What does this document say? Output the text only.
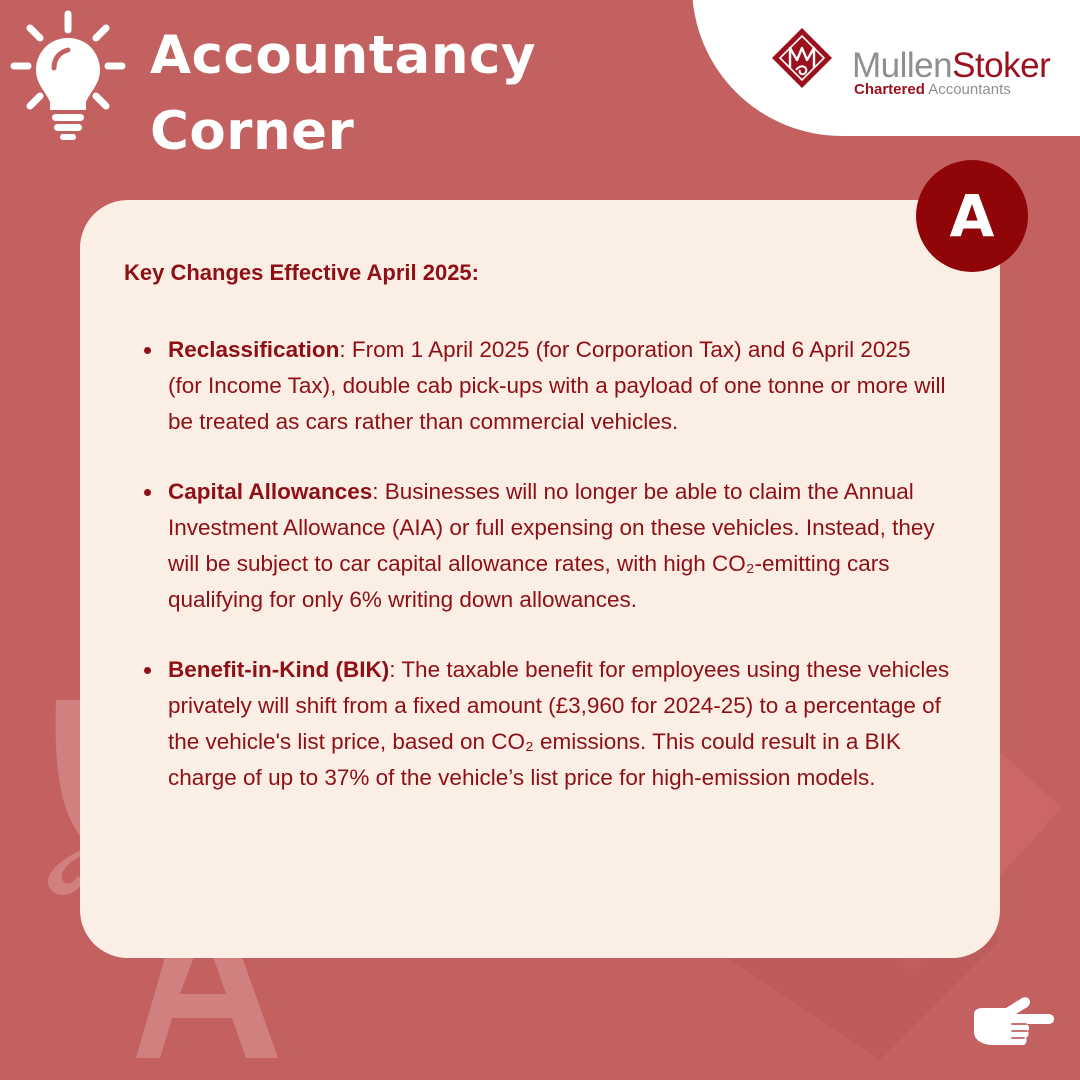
Accountancy
Corner
MullenStoker
Chartered Accountants
Key Changes Effective April 2025:
Reclassification: From 1 April 2025 (for Corporation Tax) and 6 April 2025 (for Income Tax), double cab pick-ups with a payload of one tonne or more will be treated as cars rather than commercial vehicles.
Capital Allowances: Businesses will no longer be able to claim the Annual Investment Allowance (AIA) or full expensing on these vehicles. Instead, they will be subject to car capital allowance rates, with high CO₂-emitting cars qualifying for only 6% writing down allowances.
Benefit-in-Kind (BIK): The taxable benefit for employees using these vehicles privately will shift from a fixed amount (£3,960 for 2024-25) to a percentage of the vehicle's list price, based on CO₂ emissions. This could result in a BIK charge of up to 37% of the vehicle’s list price for high-emission models.
A
